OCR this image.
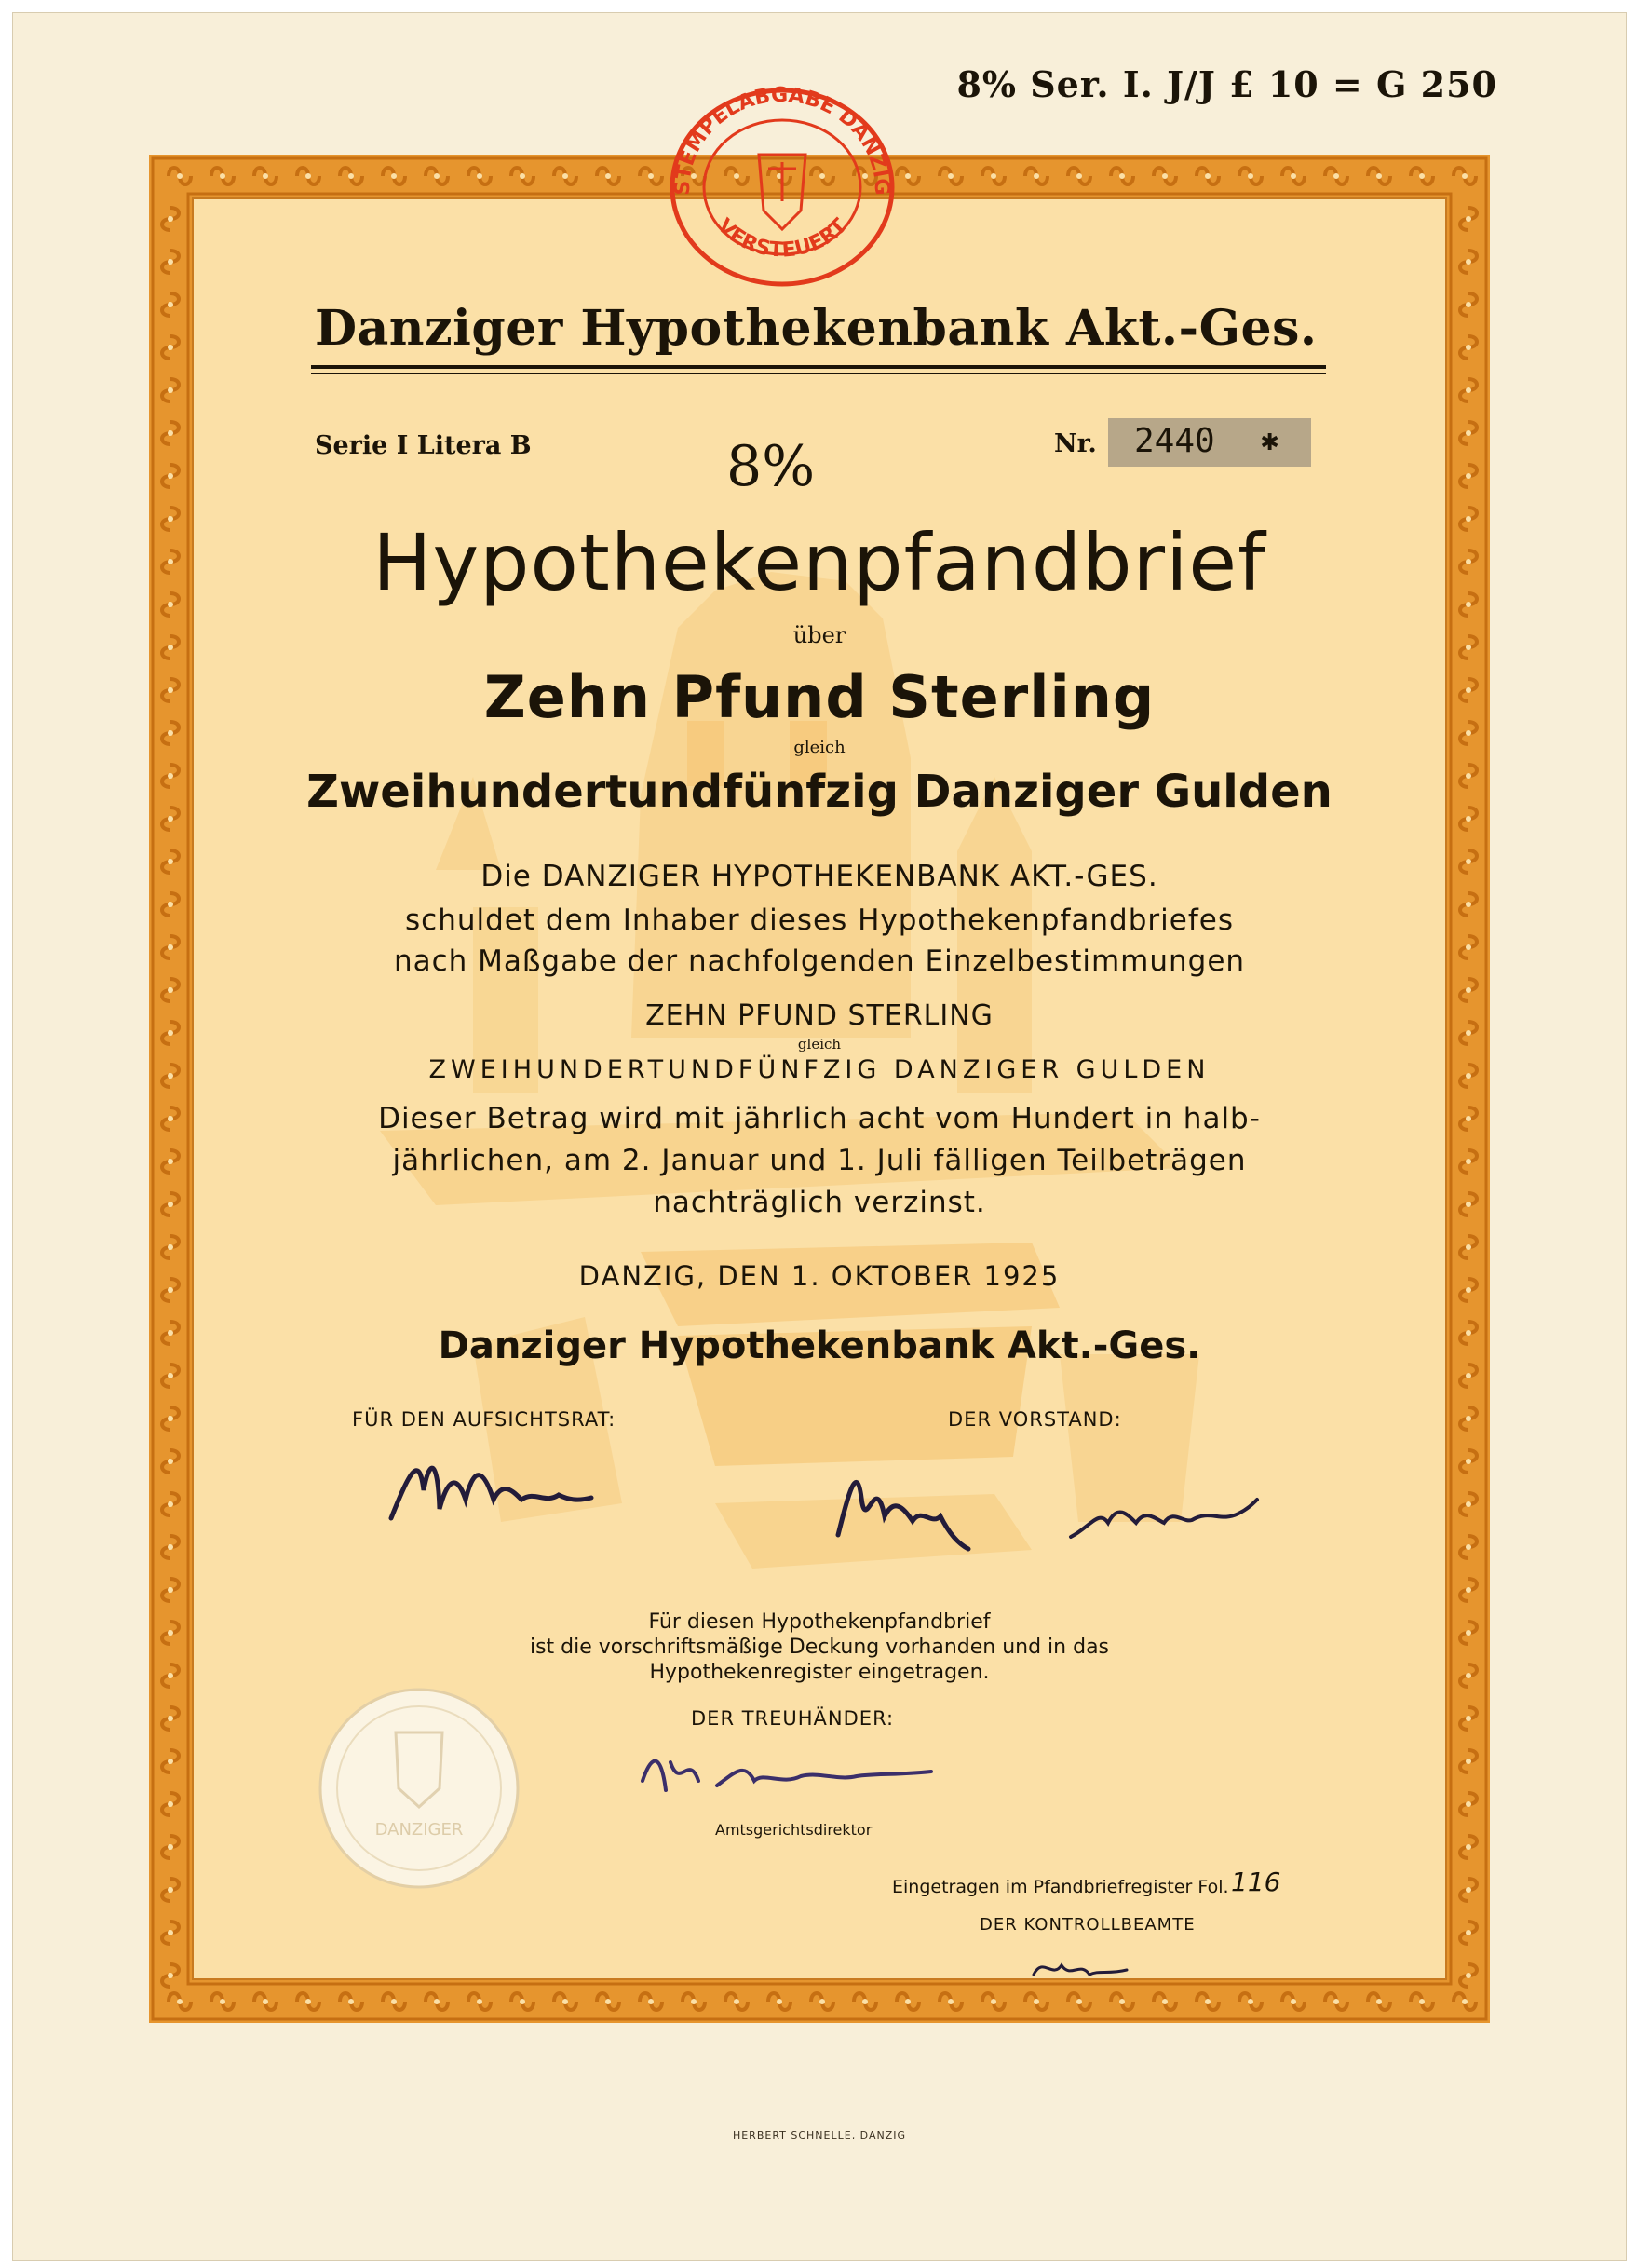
8% Ser. I. J/J £ 10 = G 250
STEMPELABGABE DANZIG
VERSTEUERT
Danziger Hypothekenbank Akt.-Ges.
Serie I Litera B	8%	Nr.	2440 ✱
Hypothekenpfandbrief
über
Zehn Pfund Sterling
gleich
Zweihundertundfünfzig Danziger Gulden
Die DANZIGER HYPOTHEKENBANK AKT.-GES.
schuldet dem Inhaber dieses Hypothekenpfandbriefes
nach Maßgabe der nachfolgenden Einzelbestimmungen
ZEHN PFUND STERLING
gleich
ZWEIHUNDERTUNDFÜNFZIG DANZIGER GULDEN
Dieser Betrag wird mit jährlich acht vom Hundert in halb-
jährlichen, am 2. Januar und 1. Juli fälligen Teilbeträgen
nachträglich verzinst.
DANZIG, DEN 1. OKTOBER 1925
Danziger Hypothekenbank Akt.-Ges.
FÜR DEN AUFSICHTSRAT:	DER VORSTAND:
Für diesen Hypothekenpfandbrief
ist die vorschriftsmäßige Deckung vorhanden und in das
Hypothekenregister eingetragen.
DER TREUHÄNDER:
Amtsgerichtsdirektor
DANZIGER
Eingetragen im Pfandbriefregister Fol. 116
DER KONTROLLBEAMTE
HERBERT SCHNELLE, DANZIG
